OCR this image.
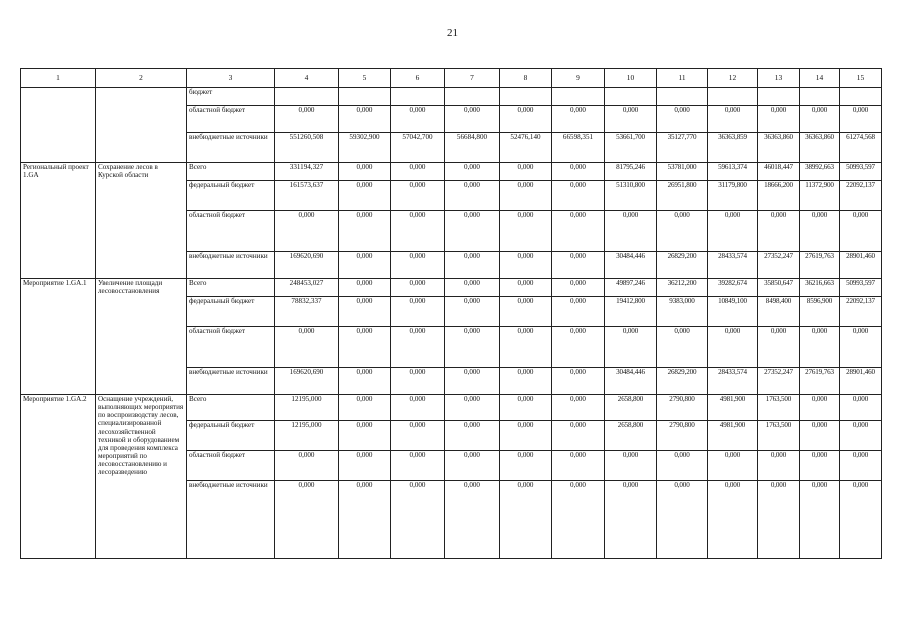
21
1	2	3	4	5	6	7	8	9	10	11	12	13	14	15
		бюджет												
		областной бюджет	0,000	0,000	0,000	0,000	0,000	0,000	0,000	0,000	0,000	0,000	0,000	0,000
		внебюджетные источники	551260,508	59302,900	57042,700	56684,800	52476,140	66598,351	53661,700	35127,770	36363,859	36363,860	36363,860	61274,568
Региональный проект 1.GA	Сохранение лесов в Курской области	Всего	331194,327	0,000	0,000	0,000	0,000	0,000	81795,246	53781,000	59613,374	46018,447	38992,663	50993,597
		федеральный бюджет	161573,637	0,000	0,000	0,000	0,000	0,000	51310,800	26951,800	31179,800	18666,200	11372,900	22092,137
		областной бюджет	0,000	0,000	0,000	0,000	0,000	0,000	0,000	0,000	0,000	0,000	0,000	0,000
		внебюджетные источники	169620,690	0,000	0,000	0,000	0,000	0,000	30484,446	26829,200	28433,574	27352,247	27619,763	28901,460
Мероприятие 1.GA.1	Увеличение площади лесовосстановления	Всего	248453,027	0,000	0,000	0,000	0,000	0,000	49897,246	36212,200	39282,674	35850,647	36216,663	50993,597
		федеральный бюджет	78832,337	0,000	0,000	0,000	0,000	0,000	19412,800	9383,000	10849,100	8498,400	8596,900	22092,137
		областной бюджет	0,000	0,000	0,000	0,000	0,000	0,000	0,000	0,000	0,000	0,000	0,000	0,000
		внебюджетные источники	169620,690	0,000	0,000	0,000	0,000	0,000	30484,446	26829,200	28433,574	27352,247	27619,763	28901,460
Мероприятие 1.GA.2	Оснащение учреждений, выполняющих мероприятия по воспроизводству лесов, специализированной лесохозяйственной техникой и оборудованием для проведения комплекса мероприятий по лесовосстановлению и лесоразведению	Всего	12195,000	0,000	0,000	0,000	0,000	0,000	2658,800	2790,800	4981,900	1763,500	0,000	0,000
		федеральный бюджет	12195,000	0,000	0,000	0,000	0,000	0,000	2658,800	2790,800	4981,900	1763,500	0,000	0,000
		областной бюджет	0,000	0,000	0,000	0,000	0,000	0,000	0,000	0,000	0,000	0,000	0,000	0,000
		внебюджетные источники	0,000	0,000	0,000	0,000	0,000	0,000	0,000	0,000	0,000	0,000	0,000	0,000
